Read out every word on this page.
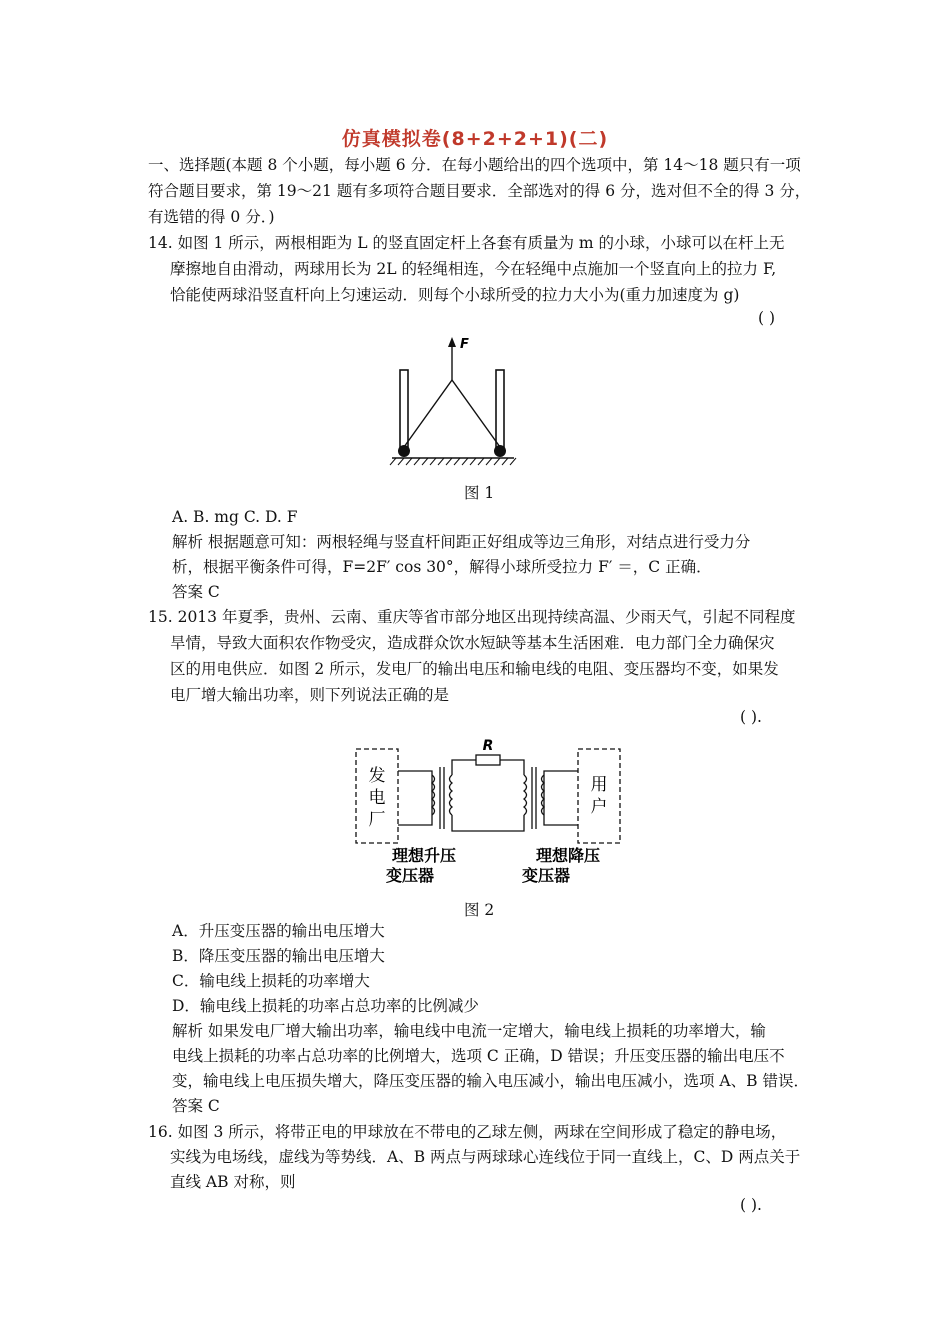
仿真模拟卷(8+2+2+1)(二)
一、选择题(本题 8 个小题，每小题 6 分．在每小题给出的四个选项中，第 14～18 题只有一项
符合题目要求，第 19～21 题有多项符合题目要求．全部选对的得 6 分，选对但不全的得 3 分，
有选错的得 0 分．)
14. 如图 1 所示，两根相距为 L 的竖直固定杆上各套有质量为 m 的小球，小球可以在杆上无
摩擦地自由滑动，两球用长为 2L 的轻绳相连，今在轻绳中点施加一个竖直向上的拉力 F,
恰能使两球沿竖直杆向上匀速运动．则每个小球所受的拉力大小为(重力加速度为 g)
( )
F
图 1
A. B. mg C. D. F
解析 根据题意可知：两根轻绳与竖直杆间距正好组成等边三角形，对结点进行受力分
析，根据平衡条件可得，F=2F′ cos 30°，解得小球所受拉力 F′ ＝，C 正确．
答案 C
15. 2013 年夏季，贵州、云南、重庆等省市部分地区出现持续高温、少雨天气，引起不同程度
旱情，导致大面积农作物受灾，造成群众饮水短缺等基本生活困难．电力部门全力确保灾
区的用电供应．如图 2 所示，发电厂的输出电压和输电线的电阻、变压器均不变，如果发
电厂增大输出功率，则下列说法正确的是
( ).
发
电
厂
用
户
R
理想升压
变压器
理想降压
变压器
图 2
A．升压变压器的输出电压增大
B．降压变压器的输出电压增大
C．输电线上损耗的功率增大
D．输电线上损耗的功率占总功率的比例减少
解析 如果发电厂增大输出功率，输电线中电流一定增大，输电线上损耗的功率增大，输
电线上损耗的功率占总功率的比例增大，选项 C 正确，D 错误；升压变压器的输出电压不
变，输电线上电压损失增大，降压变压器的输入电压减小，输出电压减小，选项 A、B 错误．
答案 C
16. 如图 3 所示，将带正电的甲球放在不带电的乙球左侧，两球在空间形成了稳定的静电场，
实线为电场线，虚线为等势线．A、B 两点与两球球心连线位于同一直线上，C、D 两点关于
直线 AB 对称，则
( ).
